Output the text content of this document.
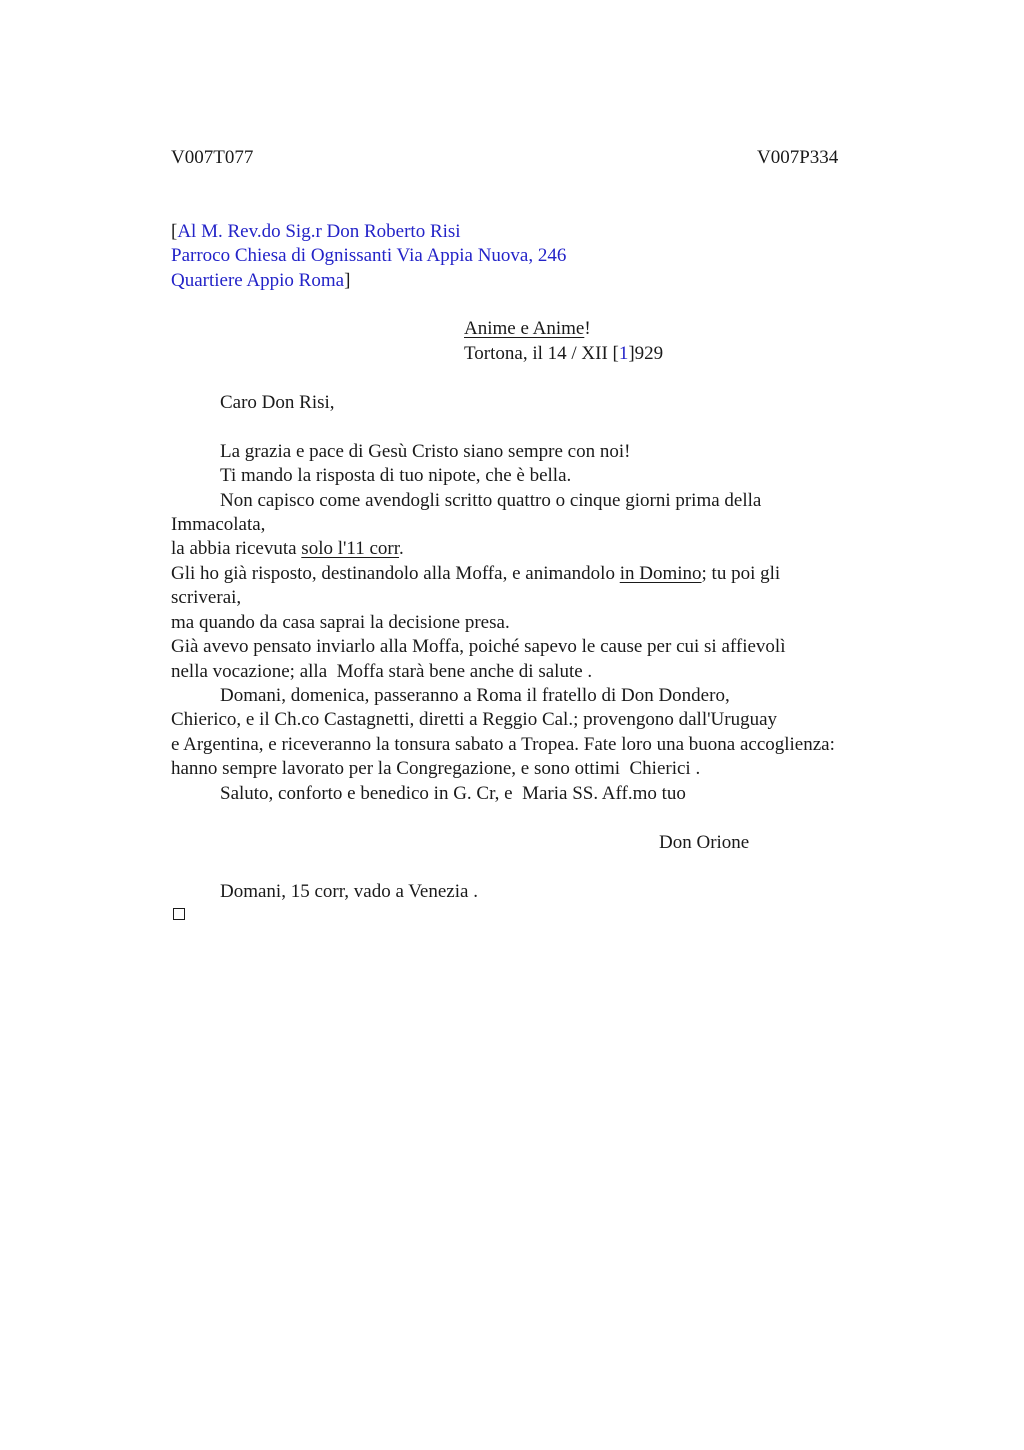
V007T077	V007P334
[Al M. Rev.do Sig.r Don Roberto Risi
Parroco Chiesa di Ognissanti Via Appia Nuova, 246
Quartiere Appio Roma]
Anime e Anime!
Tortona, il 14 / XII [1]929
Caro Don Risi,
La grazia e pace di Gesù Cristo siano sempre con noi!
Ti mando la risposta di tuo nipote, che è bella.
Non capisco come avendogli scritto quattro o cinque giorni prima della
Immacolata,
la abbia ricevuta solo l'11 corr.
Gli ho già risposto, destinandolo alla Moffa, e animandolo in Domino; tu poi gli
scriverai,
ma quando da casa saprai la decisione presa.
Già avevo pensato inviarlo alla Moffa, poiché sapevo le cause per cui si affievolì
nella vocazione; alla  Moffa starà bene anche di salute .
Domani, domenica, passeranno a Roma il fratello di Don Dondero,
Chierico, e il Ch.co Castagnetti, diretti a Reggio Cal.; provengono dall'Uruguay
e Argentina, e riceveranno la tonsura sabato a Tropea. Fate loro una buona accoglienza:
hanno sempre lavorato per la Congregazione, e sono ottimi  Chierici .
Saluto, conforto e benedico in G. Cr, e  Maria SS. Aff.mo tuo
Don Orione
Domani, 15 corr, vado a Venezia .
